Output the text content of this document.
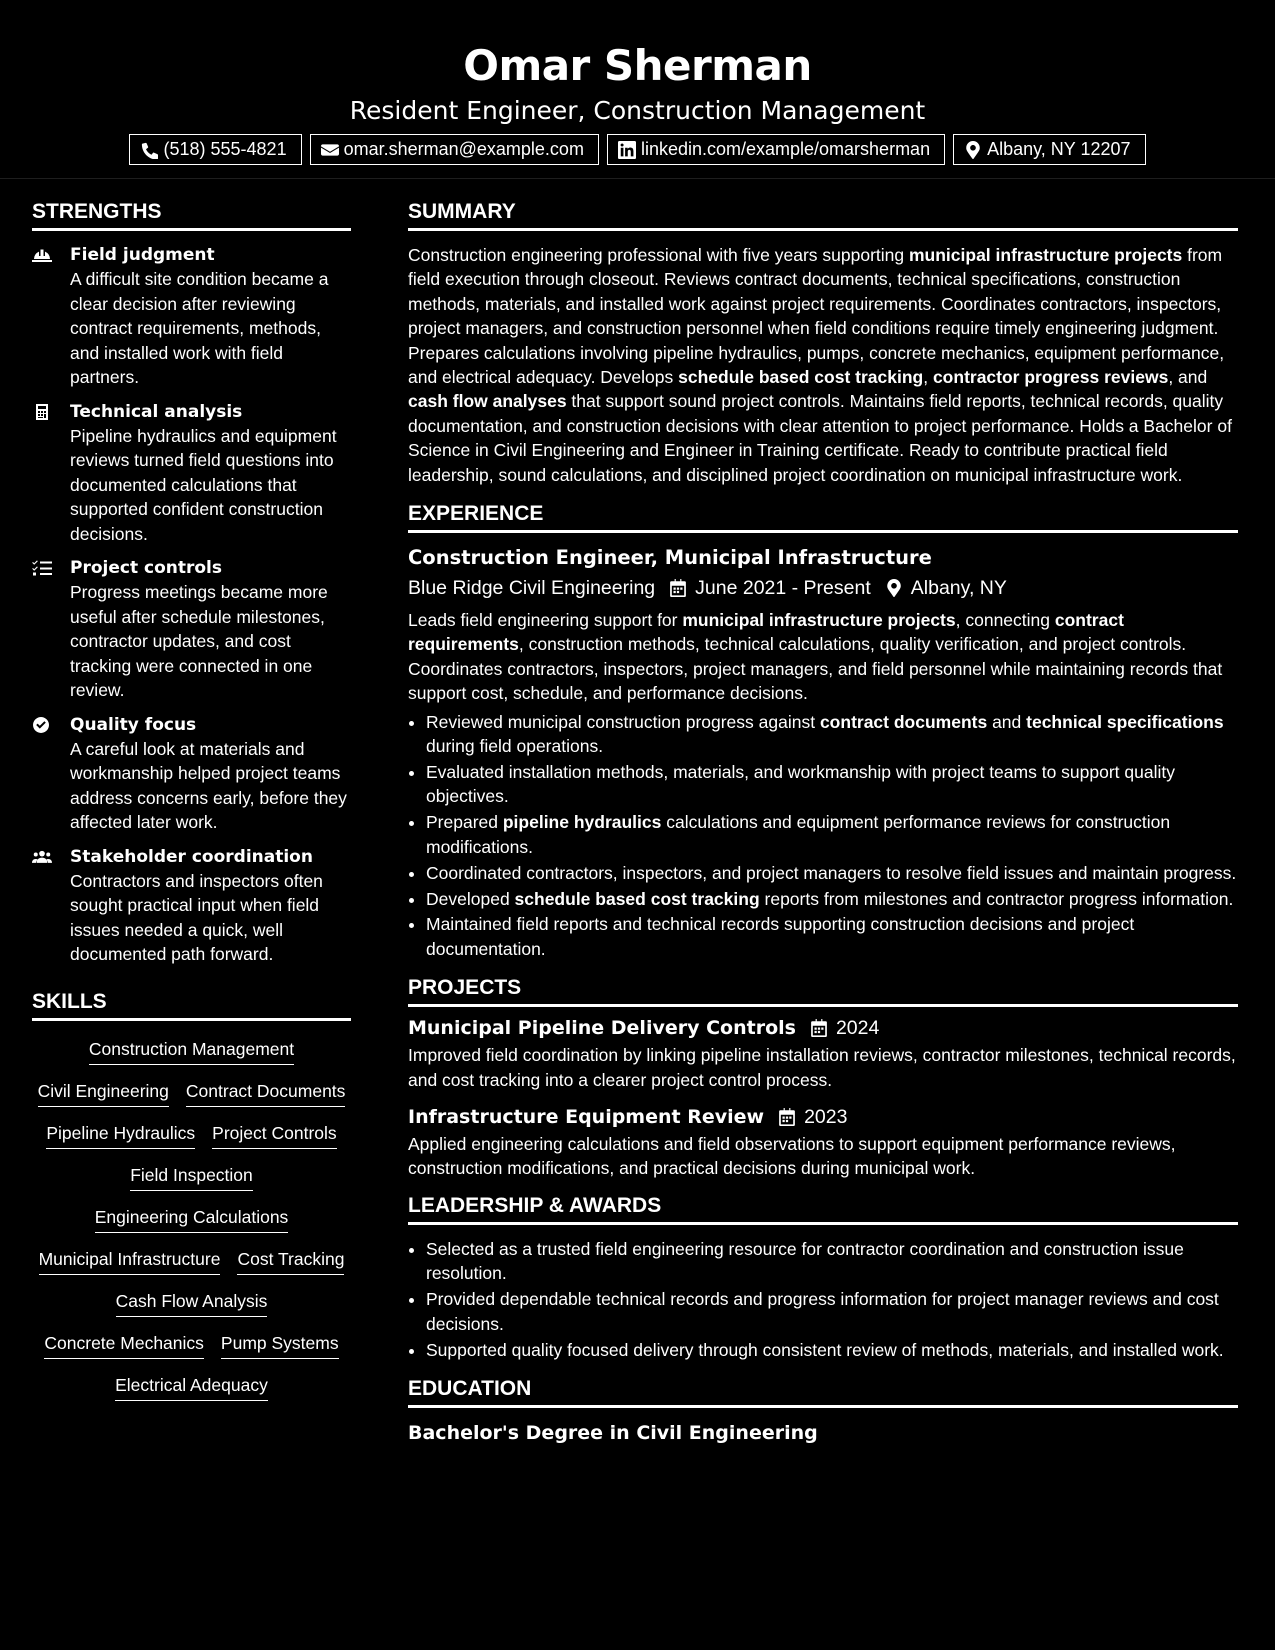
Omar Sherman
Resident Engineer, Construction Management
(518) 555-4821	omar.sherman@example.com	linkedin.com/example/omarsherman	Albany, NY 12207
STRENGTHS
Field judgment
A difficult site condition became a clear decision after reviewing contract requirements, methods, and installed work with field partners.
Technical analysis
Pipeline hydraulics and equipment reviews turned field questions into documented calculations that supported confident construction decisions.
Project controls
Progress meetings became more useful after schedule milestones, contractor updates, and cost tracking were connected in one review.
Quality focus
A careful look at materials and workmanship helped project teams address concerns early, before they affected later work.
Stakeholder coordination
Contractors and inspectors often sought practical input when field issues needed a quick, well documented path forward.
SKILLS
Construction Management
Civil Engineering Contract Documents
Pipeline Hydraulics Project Controls
Field Inspection
Engineering Calculations
Municipal Infrastructure Cost Tracking
Cash Flow Analysis
Concrete Mechanics Pump Systems
Electrical Adequacy
SUMMARY

Construction engineering professional with five years supporting municipal infrastructure projects from field execution through closeout. Reviews contract documents, technical specifications, construction methods, materials, and installed work against project requirements. Coordinates contractors, inspectors, project managers, and construction personnel when field conditions require timely engineering judgment. Prepares calculations involving pipeline hydraulics, pumps, concrete mechanics, equipment performance, and electrical adequacy. Develops schedule based cost tracking, contractor progress reviews, and cash flow analyses that support sound project controls. Maintains field reports, technical records, quality documentation, and construction decisions with clear attention to project performance. Holds a Bachelor of Science in Civil Engineering and Engineer in Training certificate. Ready to contribute practical field leadership, sound calculations, and disciplined project coordination on municipal infrastructure work.

EXPERIENCE
Construction Engineer, Municipal Infrastructure
Blue Ridge Civil Engineering June 2021 - Present Albany, NY

Leads field engineering support for municipal infrastructure projects, connecting contract requirements, construction methods, technical calculations, quality verification, and project controls. Coordinates contractors, inspectors, project managers, and field personnel while maintaining records that support cost, schedule, and performance decisions.

• Reviewed municipal construction progress against contract documents and technical specifications during field operations.
• Evaluated installation methods, materials, and workmanship with project teams to support quality objectives.
• Prepared pipeline hydraulics calculations and equipment performance reviews for construction modifications.
• Coordinated contractors, inspectors, and project managers to resolve field issues and maintain progress.
• Developed schedule based cost tracking reports from milestones and contractor progress information.
• Maintained field reports and technical records supporting construction decisions and project documentation.
PROJECTS
Municipal Pipeline Delivery Controls 2024
Improved field coordination by linking pipeline installation reviews, contractor milestones, technical records, and cost tracking into a clearer project control process.
Infrastructure Equipment Review 2023
Applied engineering calculations and field observations to support equipment performance reviews, construction modifications, and practical decisions during municipal work.
LEADERSHIP & AWARDS
• Selected as a trusted field engineering resource for contractor coordination and construction issue resolution.
• Provided dependable technical records and progress information for project manager reviews and cost decisions.
• Supported quality focused delivery through consistent review of methods, materials, and installed work.
EDUCATION
Bachelor's Degree in Civil Engineering
